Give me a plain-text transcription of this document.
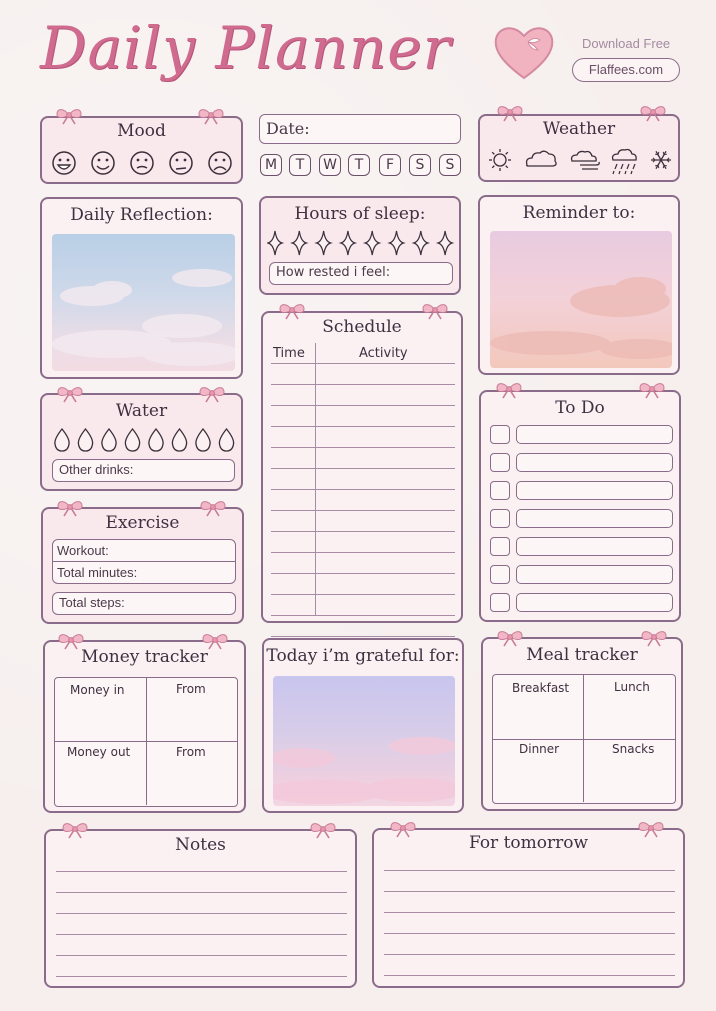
Daily Planner	Download Free
Flaffees.com
Mood	Date:
M	T	W	T	F	S	S
Weather
Daily Reflection:	Hours of sleep:
How rested i feel:
Reminder to:
Schedule
Time	Activity
Water
Other drinks:
To Do
Exercise
Workout:
Total minutes:
Total steps:
Money tracker
Money in	From
Money out	From
Today i’m grateful for:	Meal tracker
Breakfast	Lunch
Dinner	Snacks
Notes	For tomorrow
